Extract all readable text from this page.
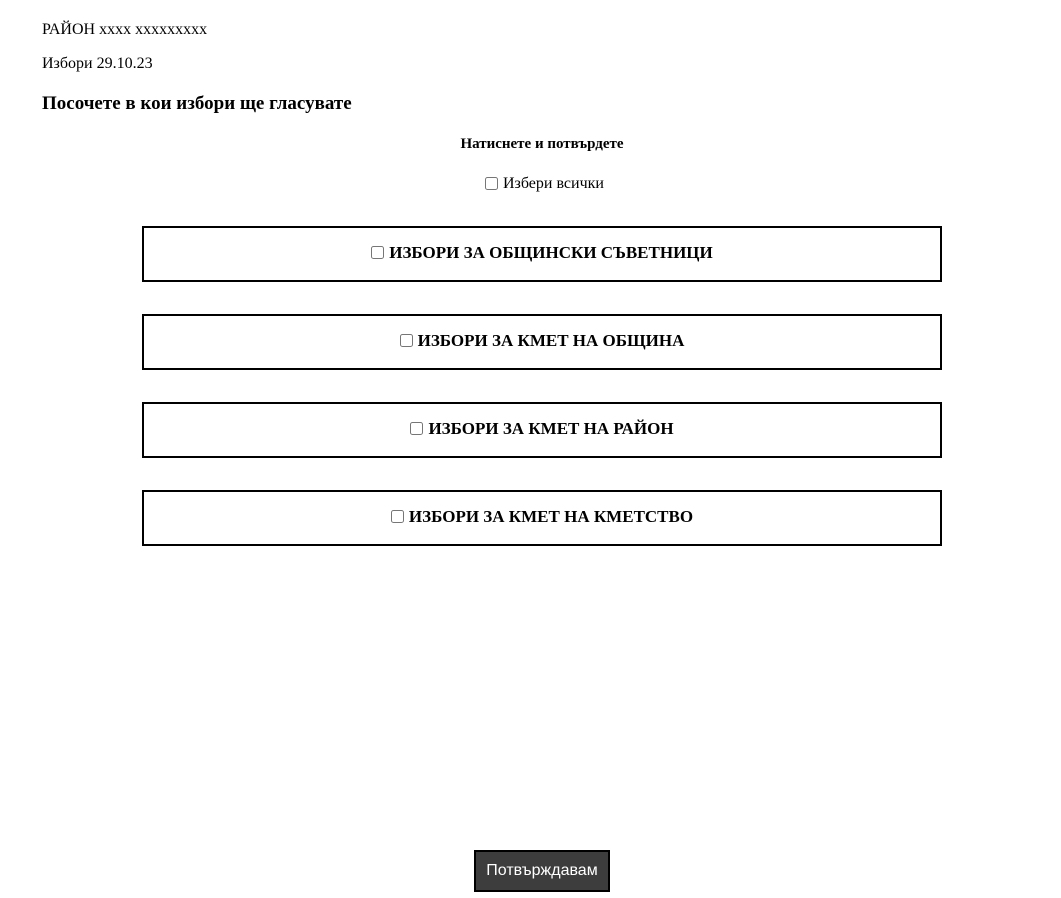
РАЙОН xxxx xxxxxxxxx
Избори 29.10.23
Посочете в кои избори ще гласувате
Натиснете и потвърдете
Избери всички
ИЗБОРИ ЗА ОБЩИНСКИ СЪВЕТНИЦИ
ИЗБОРИ ЗА КМЕТ НА ОБЩИНА
ИЗБОРИ ЗА КМЕТ НА РАЙОН
ИЗБОРИ ЗА КМЕТ НА КМЕТСТВО
Потвърждавам
